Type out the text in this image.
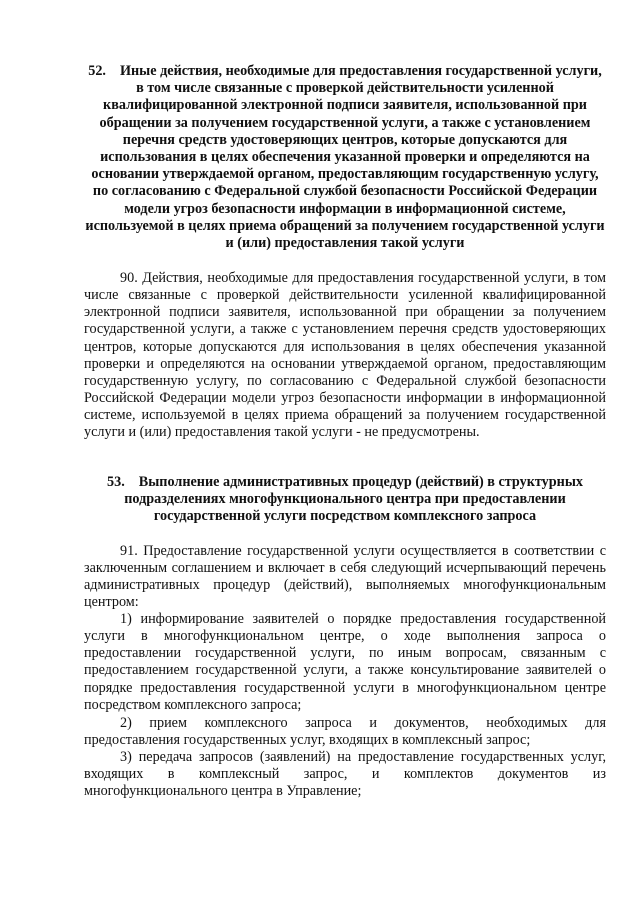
52. Иные действия, необходимые для предоставления государственной услуги, в том числе связанные с проверкой действительности усиленной квалифицированной электронной подписи заявителя, использованной при обращении за получением государственной услуги, а также с установлением перечня средств удостоверяющих центров, которые допускаются для использования в целях обеспечения указанной проверки и определяются на основании утверждаемой органом, предоставляющим государственную услугу, по согласованию с Федеральной службой безопасности Российской Федерации модели угроз безопасности информации в информационной системе, используемой в целях приема обращений за получением государственной услуги и (или) предоставления такой услуги

90. Действия, необходимые для предоставления государственной услуги, в том числе связанные с проверкой действительности усиленной квалифицированной электронной подписи заявителя, использованной при обращении за получением государственной услуги, а также с установлением перечня средств удостоверяющих центров, которые допускаются для использования в целях обеспечения указанной проверки и определяются на основании утверждаемой органом, предоставляющим государственную услугу, по согласованию с Федеральной службой безопасности Российской Федерации модели угроз безопасности информации в информационной системе, используемой в целях приема обращений за получением государственной услуги и (или) предоставления такой услуги - не предусмотрены.

53. Выполнение административных процедур (действий) в структурных подразделениях многофункционального центра при предоставлении государственной услуги посредством комплексного запроса

91. Предоставление государственной услуги осуществляется в соответствии с заключенным соглашением и включает в себя следующий исчерпывающий перечень административных процедур (действий), выполняемых многофункциональным центром:

1) информирование заявителей о порядке предоставления государственной услуги в многофункциональном центре, о ходе выполнения запроса о предоставлении государственной услуги, по иным вопросам, связанным с предоставлением государственной услуги, а также консультирование заявителей о порядке предоставления государственной услуги в многофункциональном центре посредством комплексного запроса;

2) прием комплексного запроса и документов, необходимых для предоставления государственных услуг, входящих в комплексный запрос;

3) передача запросов (заявлений) на предоставление государственных услуг, входящих в комплексный запрос, и комплектов документов из многофункционального центра в Управление;
